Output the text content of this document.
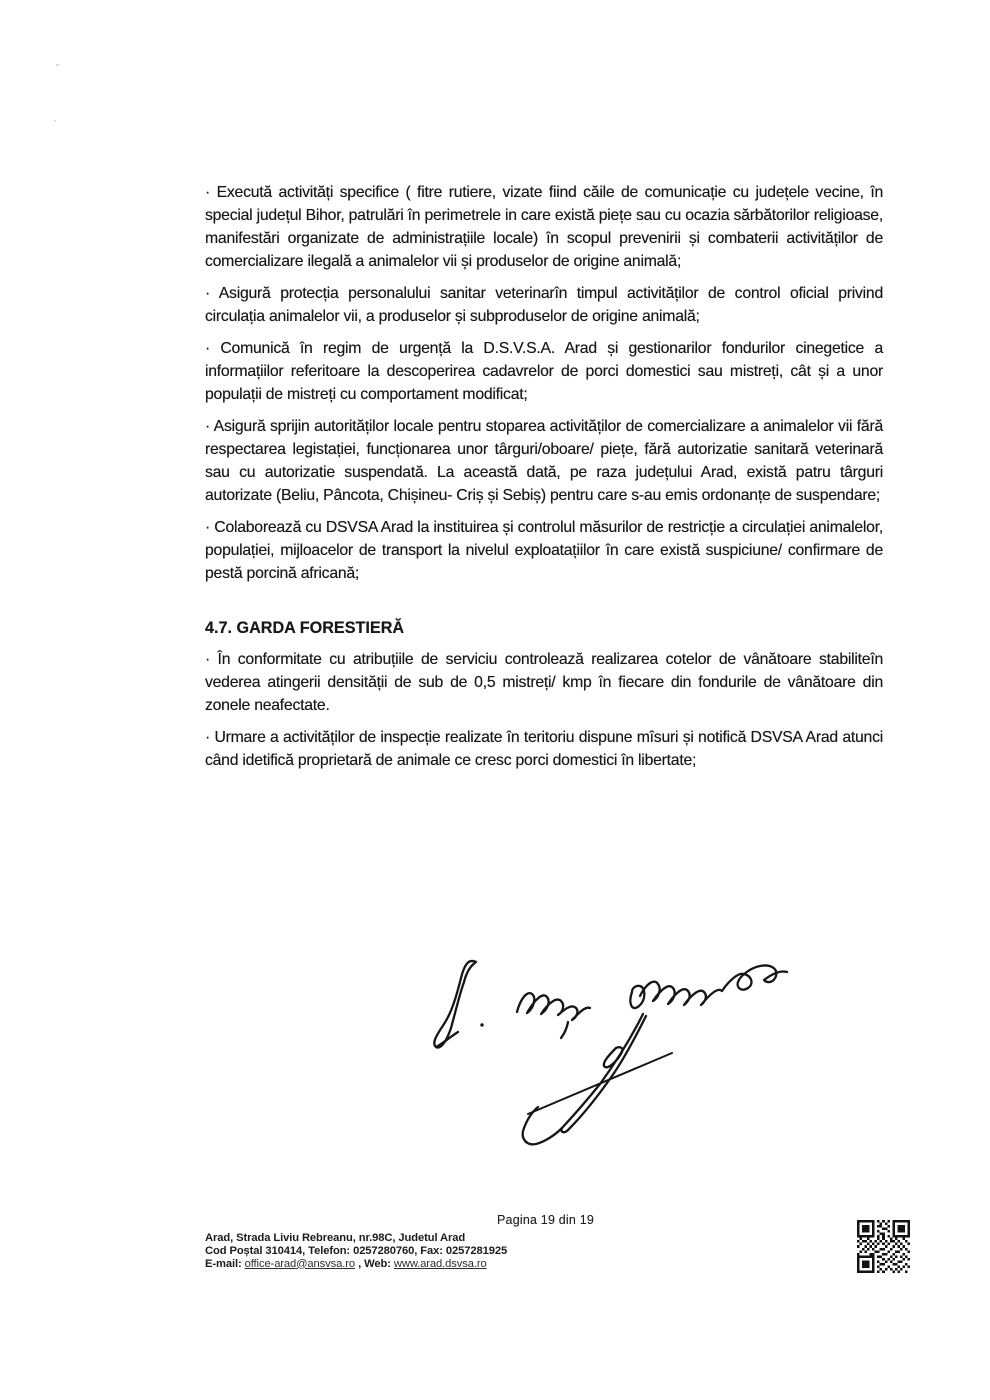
· Execută activități specifice ( fitre rutiere, vizate fiind căile de comunicație cu județele vecine, în special județul Bihor, patrulări în perimetrele in care există piețe sau cu ocazia sărbătorilor religioase, manifestări organizate de administrațiile locale) în scopul prevenirii și combaterii activităților de comercializare ilegală a animalelor vii și produselor de origine animală;

· Asigură protecția personalului sanitar veterinarîn timpul activităților de control oficial privind circulația animalelor vii, a produselor și subproduselor de origine animală;

· Comunică în regim de urgență la D.S.V.S.A. Arad și gestionarilor fondurilor cinegetice a informațiilor referitoare la descoperirea cadavrelor de porci domestici sau mistreți, cât și a unor populații de mistreți cu comportament modificat;

· Asigură sprijin autorităților locale pentru stoparea activităților de comercializare a animalelor vii fără respectarea legistației, funcționarea unor târguri/oboare/ piețe, fără autorizatie sanitară veterinară sau cu autorizatie suspendată. La această dată, pe raza județului Arad, există patru târguri autorizate (Beliu, Pâncota, Chișineu- Criș și Sebiș) pentru care s-au emis ordonanțe de suspendare;

· Colaborează cu DSVSA Arad la instituirea și controlul măsurilor de restricție a circulației animalelor, populației, mijloacelor de transport la nivelul exploatațiilor în care există suspiciune/ confirmare de pestă porcină africană;

4.7. GARDA FORESTIERĂ

· În conformitate cu atribuțiile de serviciu controlează realizarea cotelor de vânătoare stabiliteîn vederea atingerii densității de sub de 0,5 mistreți/ kmp în fiecare din fondurile de vânătoare din zonele neafectate.

· Urmare a activităților de inspecție realizate în teritoriu dispune mîsuri și notifică DSVSA Arad atunci când idetifică proprietară de animale ce cresc porci domestici în libertate;

Pagina 19 din 19
Arad, Strada Liviu Rebreanu, nr.98C, Judetul Arad
Cod Poștal 310414, Telefon: 0257280760, Fax: 0257281925
E-mail: office-arad@ansvsa.ro , Web: www.arad.dsvsa.ro
